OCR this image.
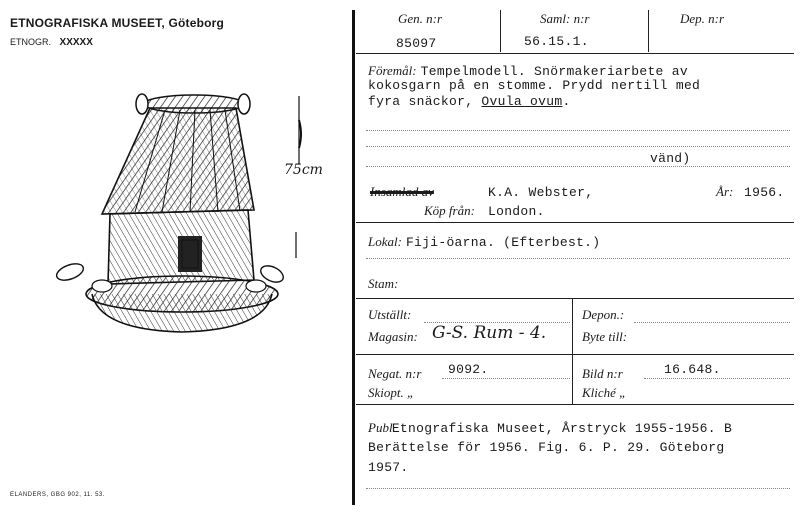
ETNOGRAFISKA MUSEET, Göteborg
ETNOGR. XXXXX
75cm
ELANDERS, GBG 902, 11. 53.
Gen. n:r	Saml: n:r	Dep. n:r
85097	56.15.1.
Föremål: Tempelmodell. Snörmakeriarbete av
kokosgarn på en stomme. Prydd nertill med
fyra snäckor, Ovula ovum.
vänd)
Insamlad av	K.A. Webster,	År: 1956.
Köp från: London.
Lokal: Fiji-öarna. (Efterbest.)
Stam:
Utställt:	Depon.:
Magasin: G-S. Rum - 4.	Byte till:
Negat. n:r 9092.	Bild n:r	16.648.
Skiopt. „	Kliché „
Publ.Etnografiska Museet, Årstryck 1955-1956. B
Berättelse för 1956. Fig. 6. P. 29. Göteborg
1957.
